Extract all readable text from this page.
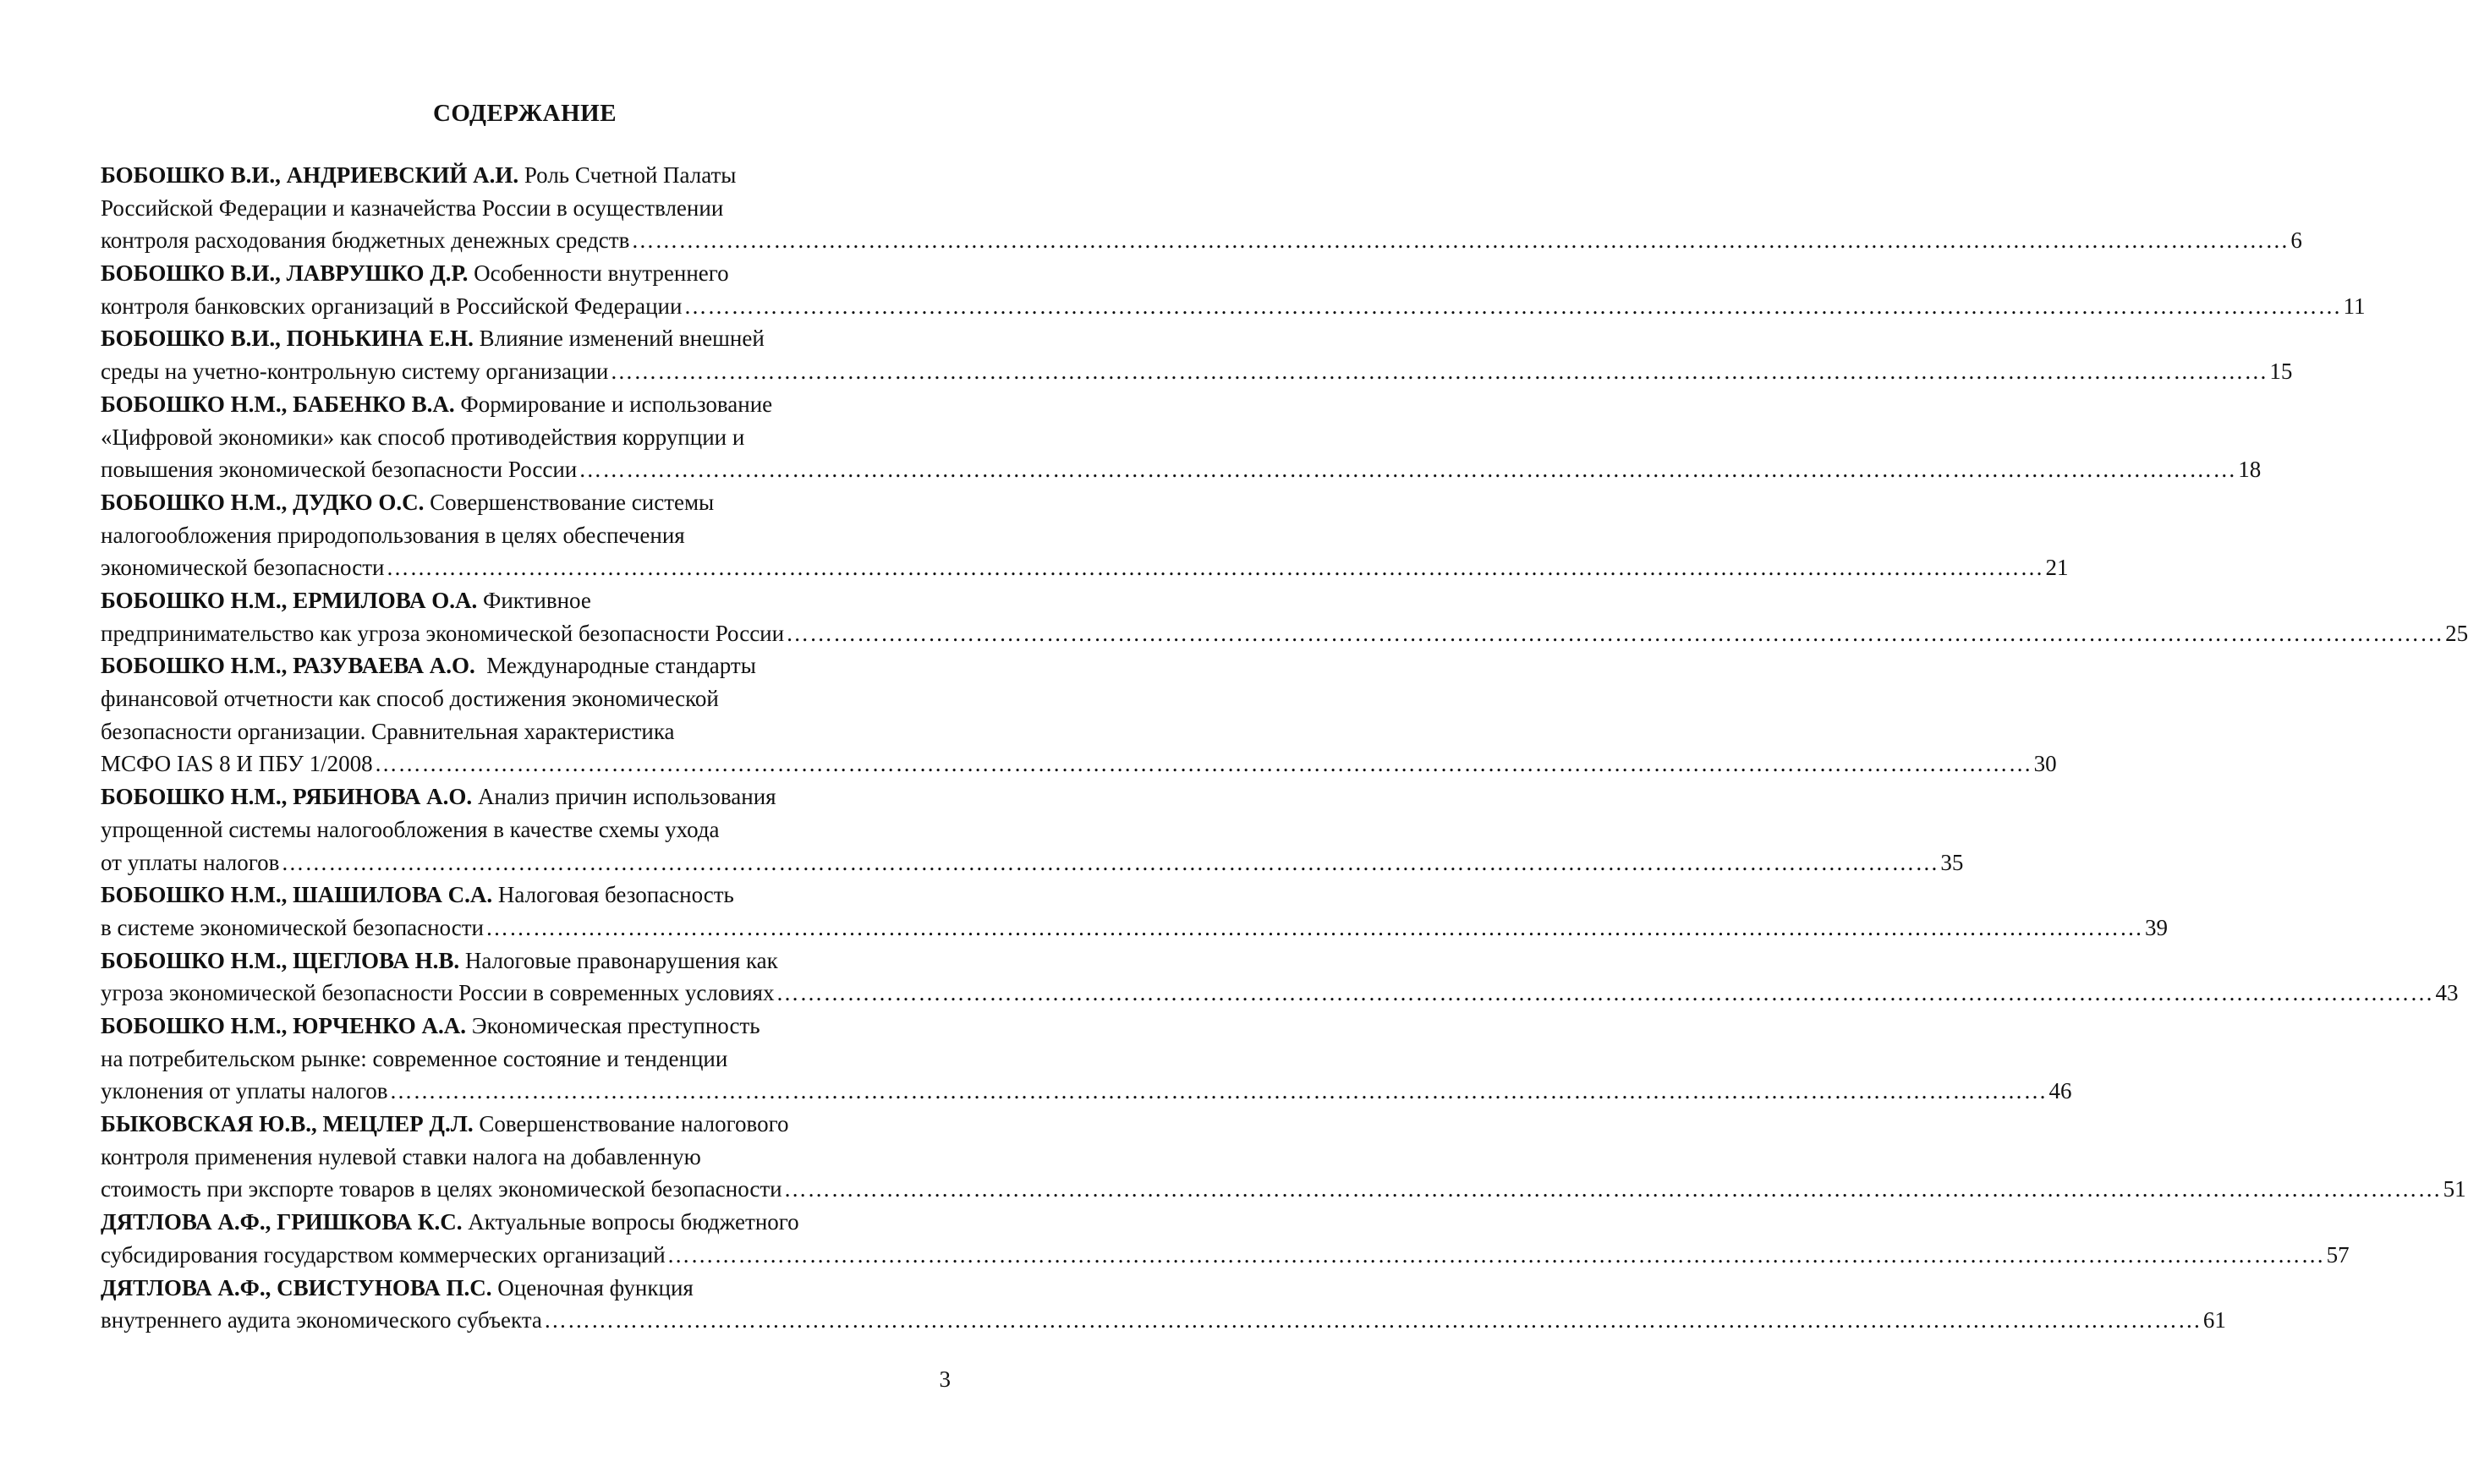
СОДЕРЖАНИЕ
БОБОШКО В.И., АНДРИЕВСКИЙ А.И. Роль Счетной Палаты
Российской Федерации и казначейства России в осуществлении
контроля расходования бюджетных денежных средств …………………………………………………………………………………………………………………………………………………………………………………………	6
БОБОШКО В.И., ЛАВРУШКО Д.Р. Особенности внутреннего
контроля банковских организаций в Российской Федерации …………………………………………………………………………………………………………………………………………………………………………………………	11
БОБОШКО В.И., ПОНЬКИНА Е.Н. Влияние изменений внешней
среды на учетно-контрольную систему организации …………………………………………………………………………………………………………………………………………………………………………………………	15
БОБОШКО Н.М., БАБЕНКО В.А. Формирование и использование
«Цифровой экономики» как способ противодействия коррупции и
повышения экономической безопасности России …………………………………………………………………………………………………………………………………………………………………………………………	18
БОБОШКО Н.М., ДУДКО О.С. Совершенствование системы
налогообложения природопользования в целях обеспечения
экономической безопасности …………………………………………………………………………………………………………………………………………………………………………………………	21
БОБОШКО Н.М., ЕРМИЛОВА О.А. Фиктивное
предпринимательство как угроза экономической безопасности России …………………………………………………………………………………………………………………………………………………………………………………………	25
БОБОШКО Н.М., РАЗУВАЕВА А.О.  Международные стандарты
финансовой отчетности как способ достижения экономической
безопасности организации. Сравнительная характеристика
МСФО IAS 8 И ПБУ 1/2008 …………………………………………………………………………………………………………………………………………………………………………………………	30
БОБОШКО Н.М., РЯБИНОВА А.О. Анализ причин использования
упрощенной системы налогообложения в качестве схемы ухода
от уплаты налогов …………………………………………………………………………………………………………………………………………………………………………………………	35
БОБОШКО Н.М., ШАШИЛОВА С.А. Налоговая безопасность
в системе экономической безопасности …………………………………………………………………………………………………………………………………………………………………………………………	39
БОБОШКО Н.М., ЩЕГЛОВА Н.В. Налоговые правонарушения как
угроза экономической безопасности России в современных условиях …………………………………………………………………………………………………………………………………………………………………………………………	43
БОБОШКО Н.М., ЮРЧЕНКО А.А. Экономическая преступность
на потребительском рынке: современное состояние и тенденции
уклонения от уплаты налогов …………………………………………………………………………………………………………………………………………………………………………………………	46
БЫКОВСКАЯ Ю.В., МЕЦЛЕР Д.Л. Совершенствование налогового
контроля применения нулевой ставки налога на добавленную
стоимость при экспорте товаров в целях экономической безопасности …………………………………………………………………………………………………………………………………………………………………………………………	51
ДЯТЛОВА А.Ф., ГРИШКОВА К.С. Актуальные вопросы бюджетного
субсидирования государством коммерческих организаций …………………………………………………………………………………………………………………………………………………………………………………………	57
ДЯТЛОВА А.Ф., СВИСТУНОВА П.С. Оценочная функция
внутреннего аудита экономического субъекта …………………………………………………………………………………………………………………………………………………………………………………………	61
3
